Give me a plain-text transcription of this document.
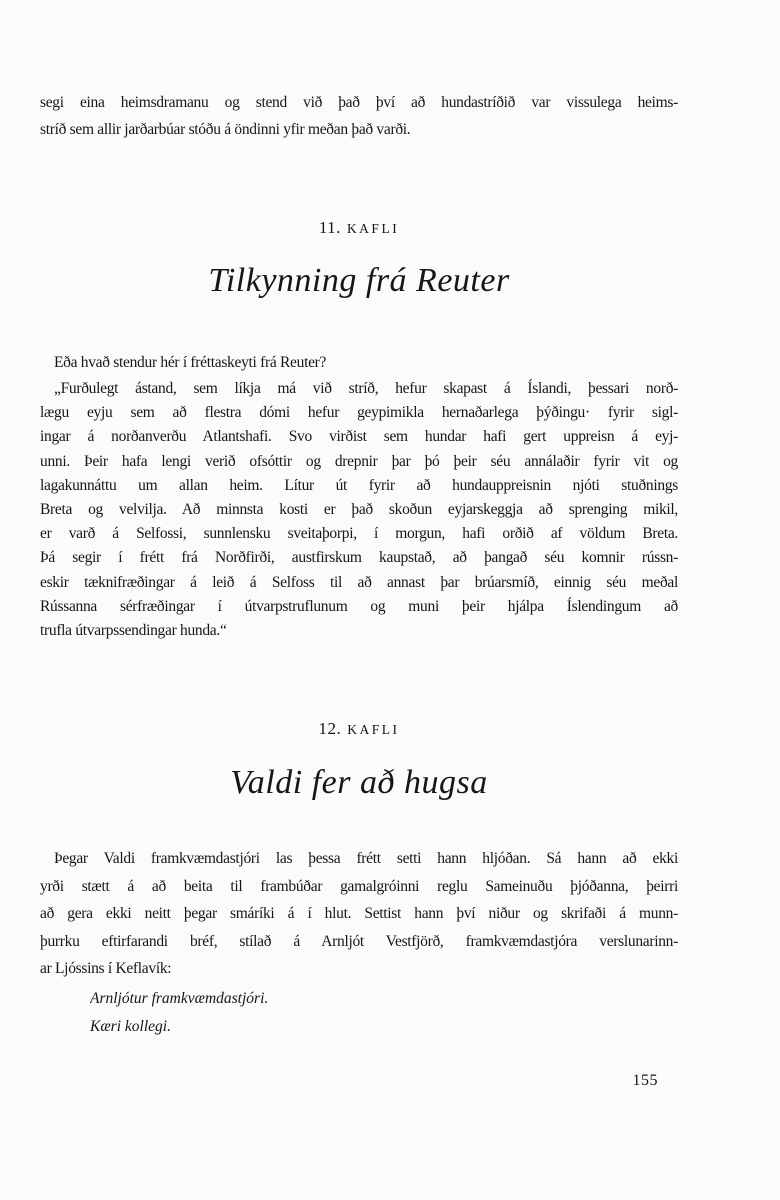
segi eina heimsdramanu og stend við það því að hundastríðið var vissulega heims-
stríð sem allir jarðarbúar stóðu á öndinni yfir meðan það varði.
11. KAFLI
Tilkynning frá Reuter
Eða hvað stendur hér í fréttaskeyti frá Reuter?
„Furðulegt ástand, sem líkja má við stríð, hefur skapast á Íslandi, þessari norð-
lægu eyju sem að flestra dómi hefur geypimikla hernaðarlega þýðingu· fyrir sigl-
ingar á norðanverðu Atlantshafi. Svo virðist sem hundar hafi gert uppreisn á eyj-
unni. Þeir hafa lengi verið ofsóttir og drepnir þar þó þeir séu annálaðir fyrir vit og
lagakunnáttu um allan heim. Lítur út fyrir að hundauppreisnin njóti stuðnings
Breta og velvilja. Að minnsta kosti er það skoðun eyjarskeggja að sprenging mikil,
er varð á Selfossi, sunnlensku sveitaþorpi, í morgun, hafi orðið af völdum Breta.
Þá segir í frétt frá Norðfirði, austfirskum kaupstað, að þangað séu komnir rússn-
eskir tæknifræðingar á leið á Selfoss til að annast þar brúarsmíð, einnig séu meðal
Rússanna sérfræðingar í útvarpstruflunum og muni þeir hjálpa Íslendingum að
trufla útvarpssendingar hunda.“
12. KAFLI
Valdi fer að hugsa
Þegar Valdi framkvæmdastjóri las þessa frétt setti hann hljóðan. Sá hann að ekki
yrði stætt á að beita til frambúðar gamalgróinni reglu Sameinuðu þjóðanna, þeirri
að gera ekki neitt þegar smáríki á í hlut. Settist hann því niður og skrifaði á munn-
þurrku eftirfarandi bréf, stílað á Arnljót Vestfjörð, framkvæmdastjóra verslunarinn-
ar Ljóssins í Keflavík:
Arnljótur framkvæmdastjóri.
Kæri kollegi.
155
